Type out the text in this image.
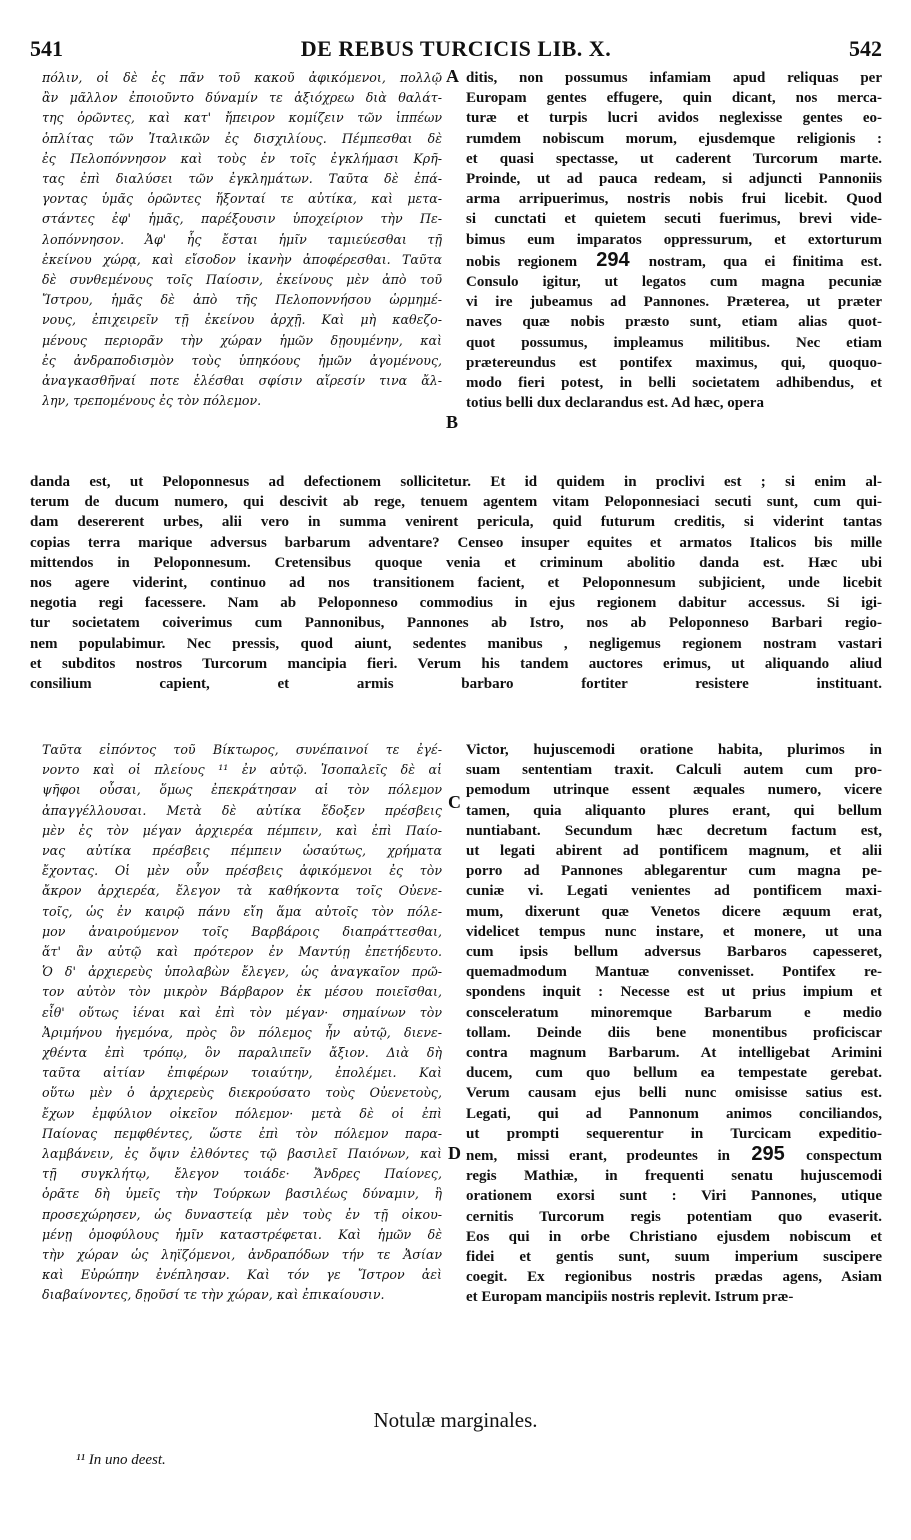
541	DE REBUS TURCICIS LIB. X.	542
πόλιν, οἱ δὲ ἐς πᾶν τοῦ κακοῦ ἀφικόμενοι, πολλῷ
ἂν μᾶλλον ἐποιοῦντο δύναμίν τε ἀξιόχρεω διὰ θαλάτ-
της ὁρῶντες, καὶ κατ' ἤπειρον κομίζειν τῶν ἱππέων
ὁπλίτας τῶν Ἰταλικῶν ἐς δισχιλίους. Πέμπεσθαι δὲ
ἐς Πελοπόννησον καὶ τοὺς ἐν τοῖς ἐγκλήμασι Κρῆ-
τας ἐπὶ διαλύσει τῶν ἐγκλημάτων. Ταῦτα δὲ ἐπά-
γοντας ὑμᾶς ὁρῶντες ἥξονταί τε αὐτίκα, καὶ μετα-
στάντες ἐφ' ἡμᾶς, παρέξουσιν ὑποχείριον τὴν Πε-
λοπόννησον. Ἀφ' ἧς ἔσται ἡμῖν ταμιεύεσθαι τῇ
ἐκείνου χώρᾳ, καὶ εἴσοδον ἱκανὴν ἀποφέρεσθαι. Ταῦτα
δὲ συνθεμένους τοῖς Παίοσιν, ἐκείνους μὲν ἀπὸ τοῦ
Ἴστρου, ἡμᾶς δὲ ἀπὸ τῆς Πελοποννήσου ὡρμημέ-
νους, ἐπιχειρεῖν τῇ ἐκείνου ἀρχῇ. Καὶ μὴ καθεζο-
μένους περιορᾶν τὴν χώραν ἡμῶν δῃουμένην, καὶ
ἐς ἀνδραποδισμὸν τοὺς ὑπηκόους ἡμῶν ἀγομένους,
ἀναγκασθῆναί ποτε ἑλέσθαι σφίσιν αἵρεσίν τινα ἄλ-
λην, τρεπομένους ἐς τὸν πόλεμον.
ditis, non possumus infamiam apud reliquas per
Europam gentes effugere, quin dicant, nos merca-
turæ et turpis lucri avidos neglexisse gentes eo-
rumdem nobiscum morum, ejusdemque religionis :
et quasi spectasse, ut caderent Turcorum marte.
Proinde, ut ad pauca redeam, si adjuncti Pannoniis
arma arripuerimus, nostris nobis frui licebit. Quod
si cunctati et quietem secuti fuerimus, brevi vide-
bimus eum imparatos oppressurum, et extorturum
nobis regionem 294 nostram, qua ei finitima est.
Consulo igitur, ut legatos cum magna pecuniæ
vi ire jubeamus ad Pannones. Præterea, ut præter
naves quæ nobis præsto sunt, etiam alias quot-
quot possumus, impleamus militibus. Nec etiam
prætereundus est pontifex maximus, qui, quoquo-
modo fieri potest, in belli societatem adhibendus, et
totius belli dux declarandus est. Ad hæc, opera
A
B
danda est, ut Peloponnesus ad defectionem sollicitetur. Et id quidem in proclivi est ; si enim al-
terum de ducum numero, qui descivit ab rege, tenuem agentem vitam Peloponnesiaci secuti sunt, cum qui-
dam desererent urbes, alii vero in summa venirent pericula, quid futurum creditis, si viderint tantas
copias terra marique adversus barbarum adventare? Censeo insuper equites et armatos Italicos bis mille
mittendos in Peloponnesum. Cretensibus quoque venia et criminum abolitio danda est. Hæc ubi
nos agere viderint, continuo ad nos transitionem facient, et Peloponnesum subjicient, unde licebit
negotia regi facessere. Nam ab Peloponneso commodius in ejus regionem dabitur accessus. Si igi-
tur societatem coiverimus cum Pannonibus, Pannones ab Istro, nos ab Peloponneso Barbari regio-
nem populabimur. Nec pressis, quod aiunt, sedentes manibus , negligemus regionem nostram vastari
et subditos nostros Turcorum mancipia fieri. Verum his tandem auctores erimus, ut aliquando aliud
consilium capient, et armis barbaro fortiter resistere instituant.
Ταῦτα εἰπόντος τοῦ Βίκτωρος, συνέπαινοί τε ἐγέ-
νοντο καὶ οἱ πλείους ¹¹ ἐν αὐτῷ. Ἰσοπαλεῖς δὲ αἱ
ψῆφοι οὖσαι, ὅμως ἐπεκράτησαν αἱ τὸν πόλεμον
ἀπαγγέλλουσαι. Μετὰ δὲ αὐτίκα ἔδοξεν πρέσβεις
μὲν ἐς τὸν μέγαν ἀρχιερέα πέμπειν, καὶ ἐπὶ Παίο-
νας αὐτίκα πρέσβεις πέμπειν ὡσαύτως, χρήματα
ἔχοντας. Οἱ μὲν οὖν πρέσβεις ἀφικόμενοι ἐς τὸν
ἄκρον ἀρχιερέα, ἔλεγον τὰ καθήκοντα τοῖς Οὐενε-
τοῖς, ὡς ἐν καιρῷ πάνυ εἴη ἅμα αὐτοῖς τὸν πόλε-
μον ἀναιρούμενον τοῖς Βαρβάροις διαπράττεσθαι,
ἅτ' ἂν αὐτῷ καὶ πρότερον ἐν Μαντύῃ ἐπετήδευτο.
Ὁ δ' ἀρχιερεὺς ὑπολαβὼν ἔλεγεν, ὡς ἀναγκαῖον πρῶ-
τον αὐτὸν τὸν μικρὸν Βάρβαρον ἐκ μέσου ποιεῖσθαι,
εἶθ' οὕτως ἰέναι καὶ ἐπὶ τὸν μέγαν· σημαίνων τὸν
Ἀριμήνου ἡγεμόνα, πρὸς ὃν πόλεμος ἦν αὐτῷ, διενε-
χθέντα ἐπὶ τρόπῳ, ὃν παραλιπεῖν ἄξιον. Διὰ δὴ
ταῦτα αἰτίαν ἐπιφέρων τοιαύτην, ἐπολέμει. Καὶ
οὕτω μὲν ὁ ἀρχιερεὺς διεκρούσατο τοὺς Οὐενετοὺς,
ἔχων ἐμφύλιον οἰκεῖον πόλεμον· μετὰ δὲ οἱ ἐπὶ
Παίονας πεμφθέντες, ὥστε ἐπὶ τὸν πόλεμον παρα-
λαμβάνειν, ἐς ὄψιν ἐλθόντες τῷ βασιλεῖ Παιόνων, καὶ
τῇ συγκλήτῳ, ἔλεγον τοιάδε· Ἄνδρες Παίονες,
ὁρᾶτε δὴ ὑμεῖς τὴν Τούρκων βασιλέως δύναμιν, ἣ
προσεχώρησεν, ὡς δυναστείᾳ μὲν τοὺς ἐν τῇ οἰκου-
μένῃ ὁμοφύλους ἡμῖν καταστρέφεται. Καὶ ἡμῶν δὲ
τὴν χώραν ὡς ληϊζόμενοι, ἀνδραπόδων τήν τε Ἀσίαν
καὶ Εὐρώπην ἐνέπλησαν. Καὶ τόν γε Ἴστρον ἀεὶ
διαβαίνοντες, δῃοῦσί τε τὴν χώραν, καὶ ἐπικαίουσιν.
Victor, hujuscemodi oratione habita, plurimos in
suam sententiam traxit. Calculi autem cum pro-
pemodum utrinque essent æquales numero, vicere
tamen, quia aliquanto plures erant, qui bellum
nuntiabant. Secundum hæc decretum factum est,
ut legati abirent ad pontificem magnum, et alii
porro ad Pannones ablegarentur cum magna pe-
cuniæ vi. Legati venientes ad pontificem maxi-
mum, dixerunt quæ Venetos dicere æquum erat,
videlicet tempus nunc instare, et monere, ut una
cum ipsis bellum adversus Barbaros capesseret,
quemadmodum Mantuæ convenisset. Pontifex re-
spondens inquit : Necesse est ut prius impium et
consceleratum minoremque Barbarum e medio
tollam. Deinde diis bene monentibus proficiscar
contra magnum Barbarum. At intelligebat Arimini
ducem, cum quo bellum ea tempestate gerebat.
Verum causam ejus belli nunc omisisse satius est.
Legati, qui ad Pannonum animos conciliandos,
ut prompti sequerentur in Turcicam expeditio-
nem, missi erant, prodeuntes in 295 conspectum
regis Mathiæ, in frequenti senatu hujuscemodi
orationem exorsi sunt : Viri Pannones, utique
cernitis Turcorum regis potentiam quo evaserit.
Eos qui in orbe Christiano ejusdem nobiscum et
fidei et gentis sunt, suum imperium suscipere
coegit. Ex regionibus nostris prædas agens, Asiam
et Europam mancipiis nostris replevit. Istrum præ-
C
D
Notulæ marginales.
¹¹ In uno deest.
